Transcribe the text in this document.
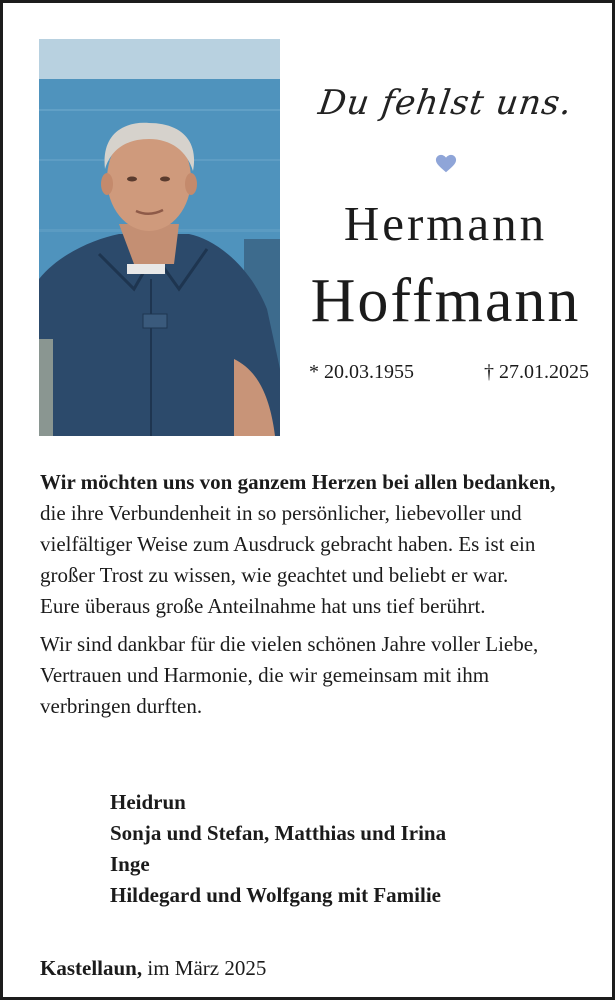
Du fehlst uns.
Hermann
Hoffmann
* 20.03.1955	† 27.01.2025

Wir möchten uns von ganzem Herzen bei allen bedanken, die ihre Verbundenheit in so persönlicher, liebevoller und vielfältiger Weise zum Ausdruck gebracht haben. Es ist ein großer Trost zu wissen, wie geachtet und beliebt er war.
Eure überaus große Anteilnahme hat uns tief berührt.

Wir sind dankbar für die vielen schönen Jahre voller Liebe, Vertrauen und Harmonie, die wir gemeinsam mit ihm verbringen durften.

Heidrun
Sonja und Stefan, Matthias und Irina
Inge
Hildegard und Wolfgang mit Familie
Kastellaun, im März 2025
